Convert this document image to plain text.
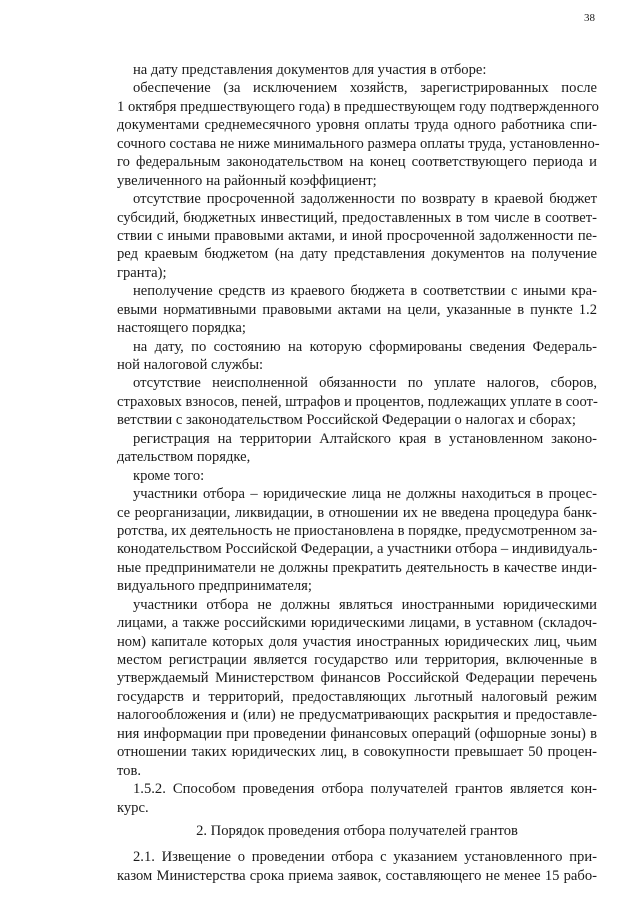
38
на дату представления документов для участия в отборе:
обеспечение (за исключением хозяйств, зарегистрированных после
1 октября предшествующего года) в предшествующем году подтвержденного
документами среднемесячного уровня оплаты труда одного работника спи-
сочного состава не ниже минимального размера оплаты труда, установленно-
го федеральным законодательством на конец соответствующего периода и
увеличенного на районный коэффициент;
отсутствие просроченной задолженности по возврату в краевой бюджет
субсидий, бюджетных инвестиций, предоставленных в том числе в соответ-
ствии с иными правовыми актами, и иной просроченной задолженности пе-
ред краевым бюджетом (на дату представления документов на получение
гранта);
неполучение средств из краевого бюджета в соответствии с иными кра-
евыми нормативными правовыми актами на цели, указанные в пункте 1.2
настоящего порядка;
на дату, по состоянию на которую сформированы сведения Федераль-
ной налоговой службы:
отсутствие неисполненной обязанности по уплате налогов, сборов,
страховых взносов, пеней, штрафов и процентов, подлежащих уплате в соот-
ветствии с законодательством Российской Федерации о налогах и сборах;
регистрация на территории Алтайского края в установленном законо-
дательством порядке,
кроме того:
участники отбора – юридические лица не должны находиться в процес-
се реорганизации, ликвидации, в отношении их не введена процедура банк-
ротства, их деятельность не приостановлена в порядке, предусмотренном за-
конодательством Российской Федерации, а участники отбора – индивидуаль-
ные предприниматели не должны прекратить деятельность в качестве инди-
видуального предпринимателя;
участники отбора не должны являться иностранными юридическими
лицами, а также российскими юридическими лицами, в уставном (складоч-
ном) капитале которых доля участия иностранных юридических лиц, чьим
местом регистрации является государство или территория, включенные в
утверждаемый Министерством финансов Российской Федерации перечень
государств и территорий, предоставляющих льготный налоговый режим
налогообложения и (или) не предусматривающих раскрытия и предоставле-
ния информации при проведении финансовых операций (офшорные зоны) в
отношении таких юридических лиц, в совокупности превышает 50 процен-
тов.
1.5.2. Способом проведения отбора получателей грантов является кон-
курс.
2. Порядок проведения отбора получателей грантов
2.1. Извещение о проведении отбора с указанием установленного при-
казом Министерства срока приема заявок, составляющего не менее 15 рабо-
